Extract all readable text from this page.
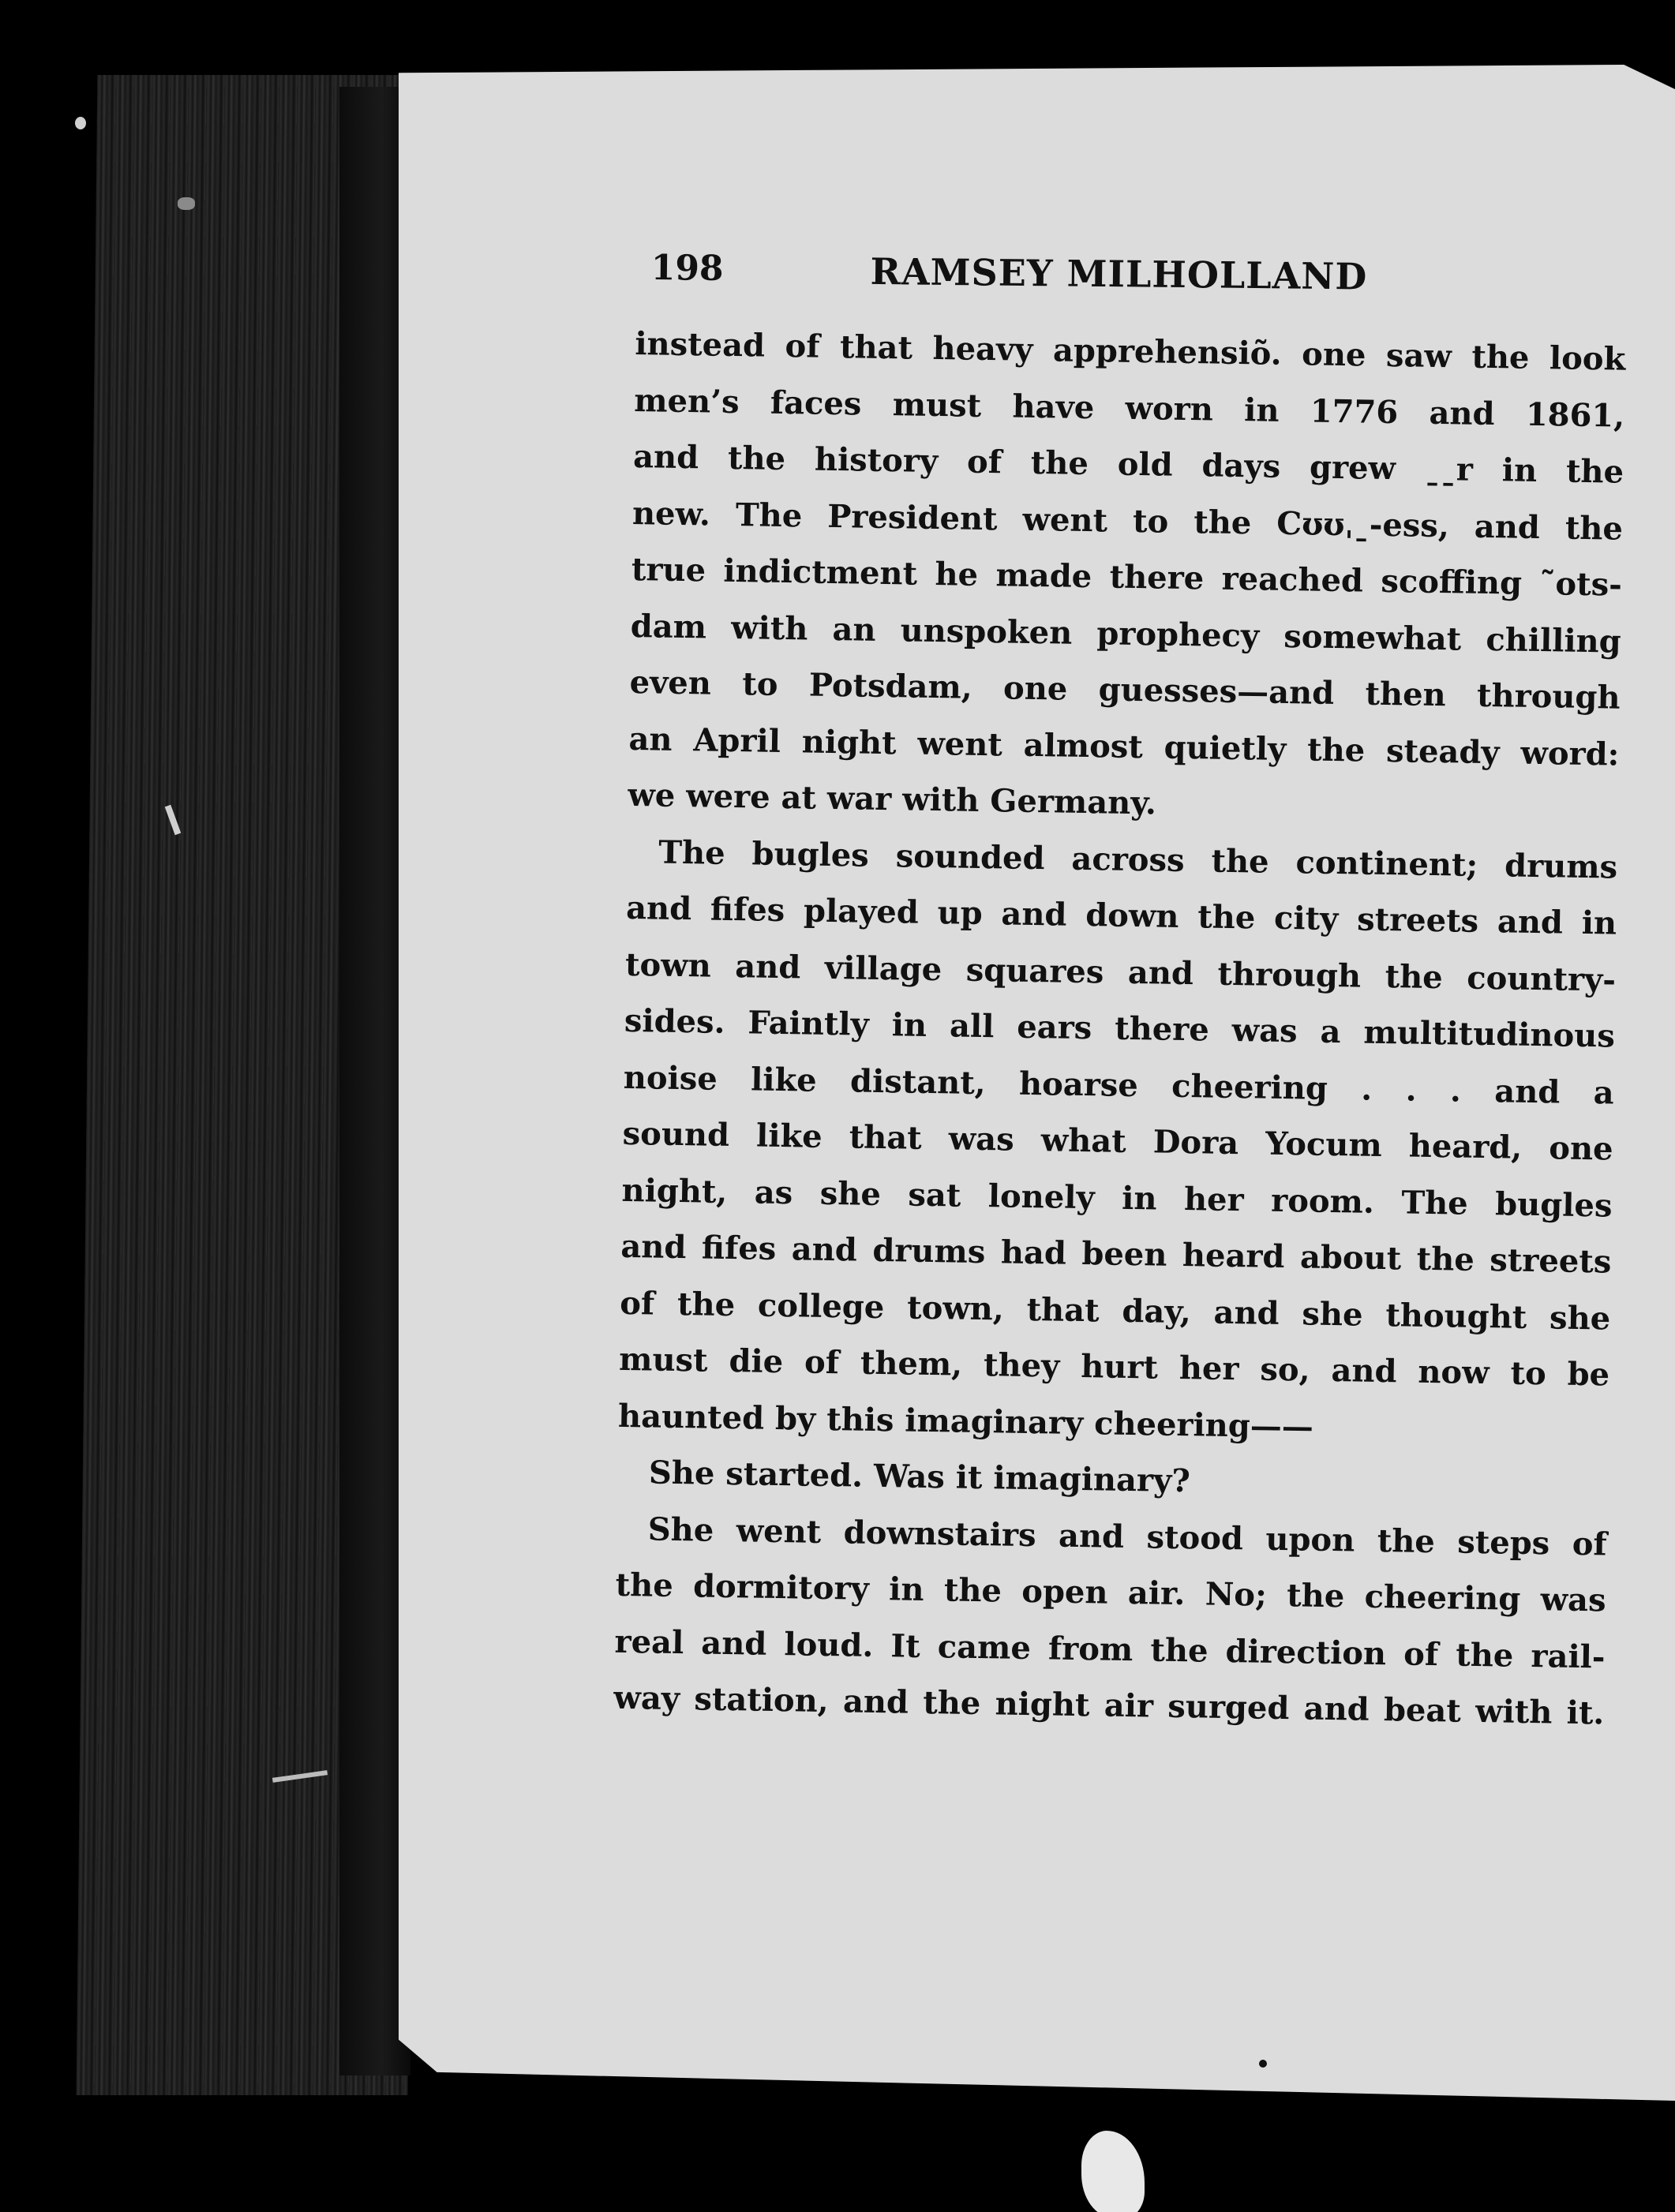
198	RAMSEY MILHOLLAND
instead of that heavy apprehensiõ. one saw the look
men’s faces must have worn in 1776 and 1861,
and the history of the old days grew ˍˍr in the
new. The President went to the Cʊʊˌˍ-ess, and the
true indictment he made there reached scoffing ˜ots-
dam with an unspoken prophecy somewhat chilling
even to Potsdam, one guesses—and then through
an April night went almost quietly the steady word:
we were at war with Germany.
The bugles sounded across the continent; drums
and fifes played up and down the city streets and in
town and village squares and through the country-
sides. Faintly in all ears there was a multitudinous
noise like distant, hoarse cheering . . . and a
sound like that was what Dora Yocum heard, one
night, as she sat lonely in her room. The bugles
and fifes and drums had been heard about the streets
of the college town, that day, and she thought she
must die of them, they hurt her so, and now to be
haunted by this imaginary cheering——
She started. Was it imaginary?
She went downstairs and stood upon the steps of
the dormitory in the open air. No; the cheering was
real and loud. It came from the direction of the rail-
way station, and the night air surged and beat with it.
